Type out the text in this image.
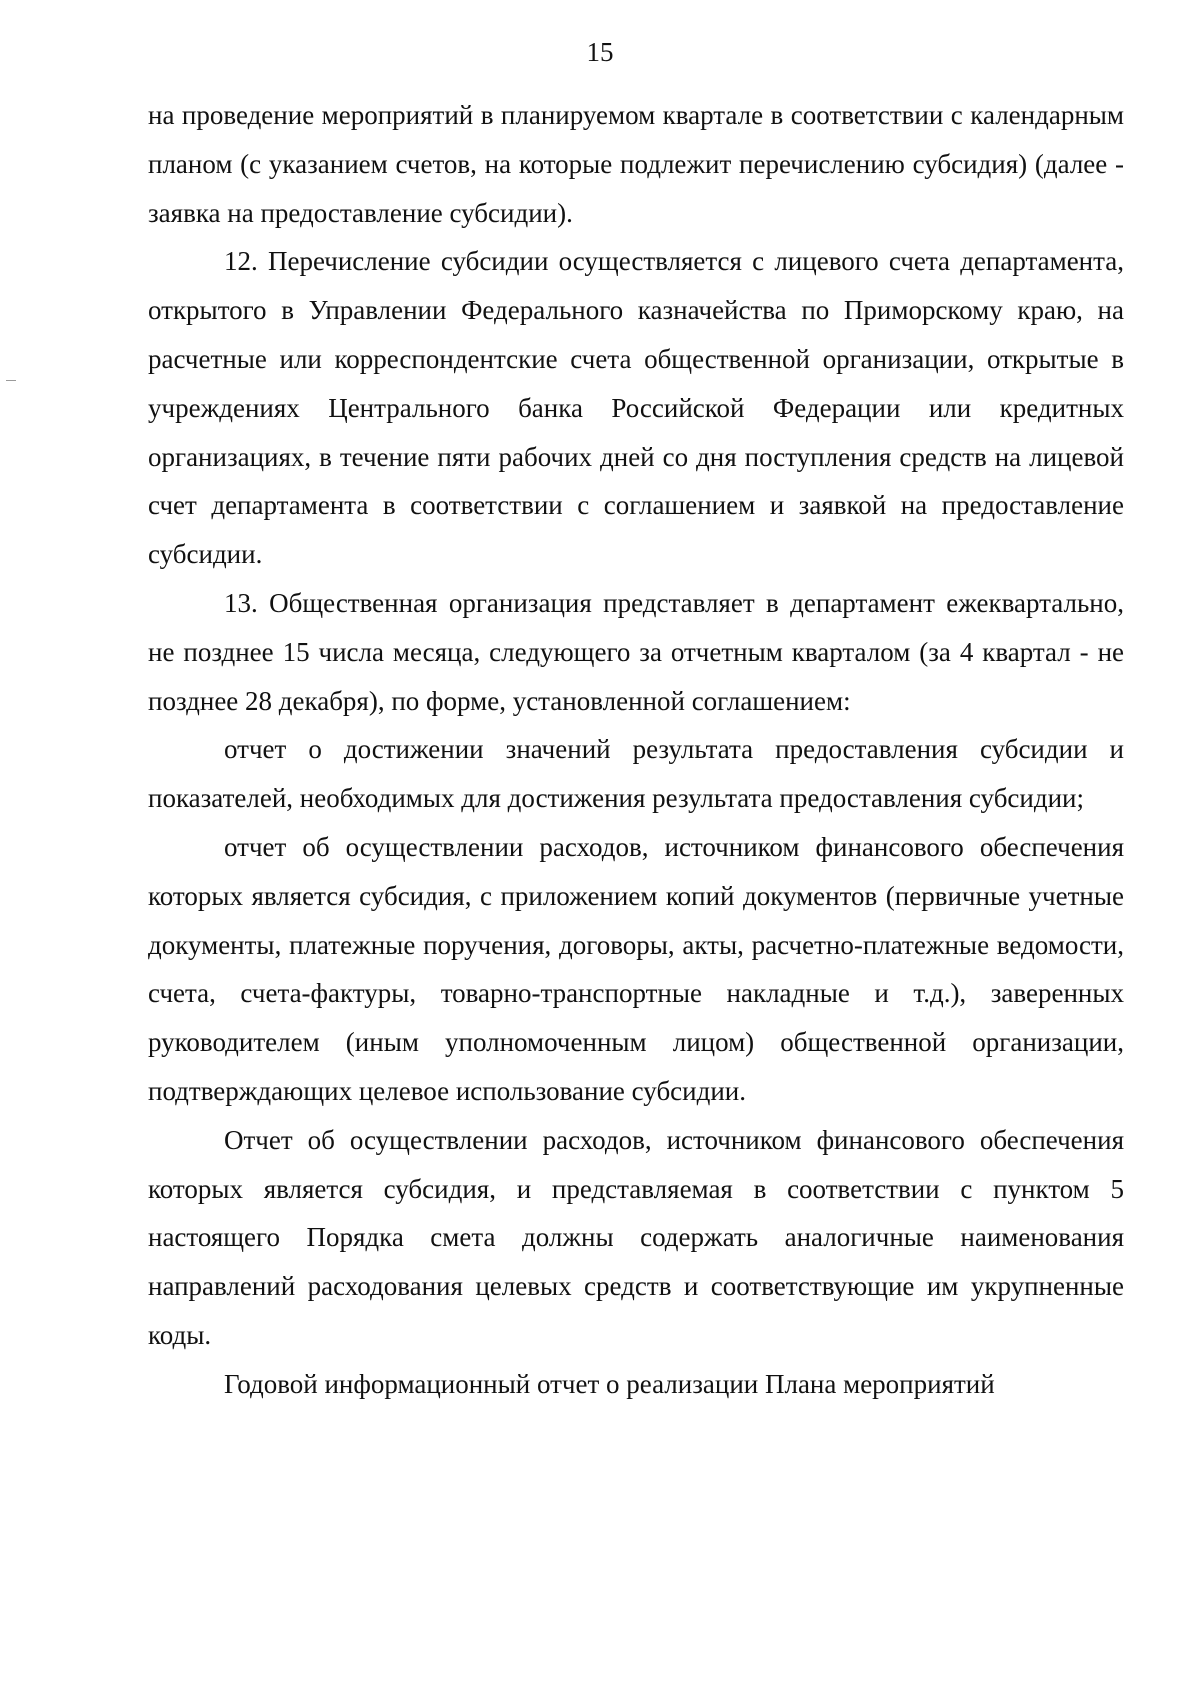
15

на проведение мероприятий в планируемом квартале в соответствии с календарным планом (с указанием счетов, на которые подлежит перечислению субсидия) (далее - заявка на предоставление субсидии).

12. Перечисление субсидии осуществляется с лицевого счета департамента, открытого в Управлении Федерального казначейства по Приморскому краю, на расчетные или корреспондентские счета общественной организации, открытые в учреждениях Центрального банка Российской Федерации или кредитных организациях, в течение пяти рабочих дней со дня поступления средств на лицевой счет департамента в соответствии с соглашением и заявкой на предоставление субсидии.

13. Общественная организация представляет в департамент ежеквартально, не позднее 15 числа месяца, следующего за отчетным кварталом (за 4 квартал - не позднее 28 декабря), по форме, установленной соглашением:

отчет о достижении значений результата предоставления субсидии и показателей, необходимых для достижения результата предоставления субсидии;

отчет об осуществлении расходов, источником финансового обеспечения которых является субсидия, с приложением копий документов (первичные учетные документы, платежные поручения, договоры, акты, расчетно-платежные ведомости, счета, счета-фактуры, товарно-транспортные накладные и т.д.), заверенных руководителем (иным уполномоченным лицом) общественной организации, подтверждающих целевое использование субсидии.

Отчет об осуществлении расходов, источником финансового обеспечения которых является субсидия, и представляемая в соответствии с пунктом 5 настоящего Порядка смета должны содержать аналогичные наименования направлений расходования целевых средств и соответствующие им укрупненные коды.

Годовой информационный отчет о реализации Плана мероприятий
